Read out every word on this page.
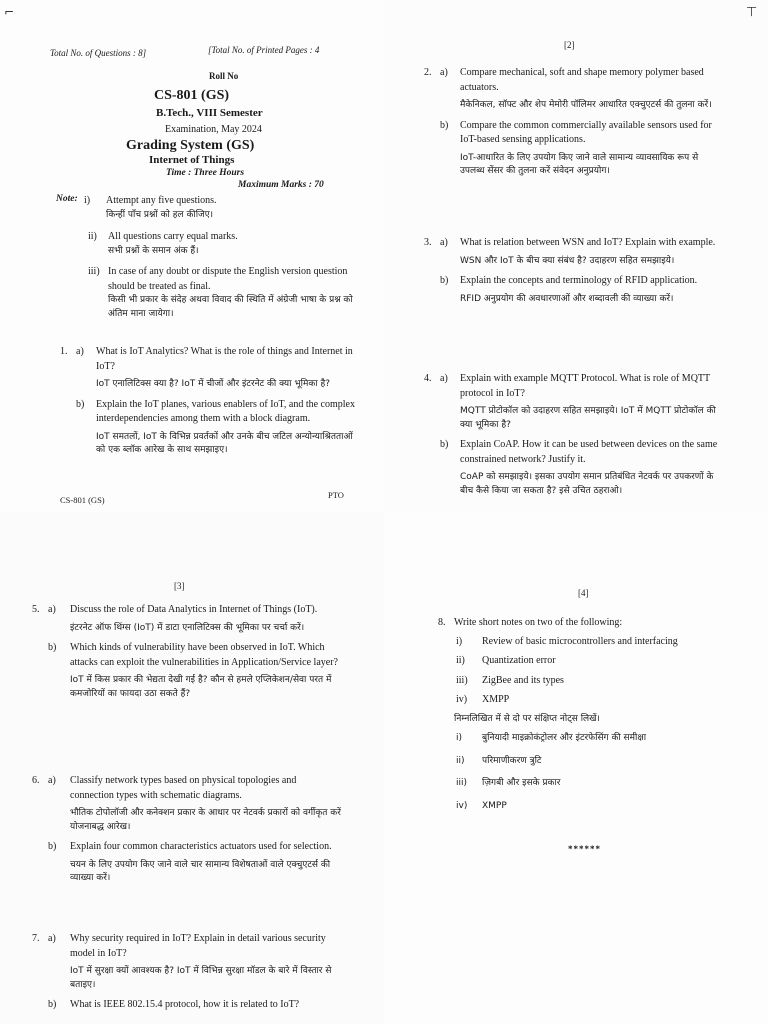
⌐
Total No. of Questions : 8]	[Total No. of Printed Pages : 4
Roll No
CS-801 (GS)
B.Tech., VIII Semester
Examination, May 2024
Grading System (GS)
Internet of Things
Time : Three Hours
Maximum Marks : 70
Note: i) Attempt any five questions.

किन्हीं पाँच प्रश्नों को हल कीजिए।

ii) All questions carry equal marks.

सभी प्रश्नों के समान अंक हैं।

iii) In case of any doubt or dispute the English version question should be treated as final.

किसी भी प्रकार के संदेह अथवा विवाद की स्थिति में अंग्रेजी भाषा के प्रश्न को अंतिम माना जायेगा।

1. a) What is IoT Analytics? What is the role of things and Internet in IoT?

IoT एनालिटिक्स क्या है? IoT में चीजों और इंटरनेट की क्या भूमिका है?

b) Explain the IoT planes, various enablers of IoT, and the complex interdependencies among them with a block diagram.

IoT समतलों, IoT के विभिन्न प्रवर्तकों और उनके बीच जटिल अन्योन्याश्रितताओं को एक ब्लॉक आरेख के साथ समझाइए।

CS-801 (GS)	PTO
⊤
[2]
2. a) Compare mechanical, soft and shape memory polymer based actuators.

मैकेनिकल, सॉफ्ट और शेप मेमोरी पॉलिमर आधारित एक्चुएटर्स की तुलना करें।

b) Compare the common commercially available sensors used for IoT-based sensing applications.

IoT-आधारित के लिए उपयोग किए जाने वाले सामान्य व्यावसायिक रूप से उपलब्ध सेंसर की तुलना करें संवेदन अनुप्रयोग।

3. a) What is relation between WSN and IoT? Explain with example.

WSN और IoT के बीच क्या संबंध है? उदाहरण सहित समझाइये।

b) Explain the concepts and terminology of RFID application.

RFID अनुप्रयोग की अवधारणाओं और शब्दावली की व्याख्या करें।

4. a) Explain with example MQTT Protocol. What is role of MQTT protocol in IoT?

MQTT प्रोटोकॉल को उदाहरण सहित समझाइये। IoT में MQTT प्रोटोकॉल की क्या भूमिका है?

b) Explain CoAP. How it can be used between devices on the same constrained network? Justify it.

CoAP को समझाइये। इसका उपयोग समान प्रतिबंधित नेटवर्क पर उपकरणों के बीच कैसे किया जा सकता है? इसे उचित ठहराओ।

[3]
5. a) Discuss the role of Data Analytics in Internet of Things (IoT).

इंटरनेट ऑफ थिंग्स (IoT) में डाटा एनालिटिक्स की भूमिका पर चर्चा करें।

b) Which kinds of vulnerability have been observed in IoT. Which attacks can exploit the vulnerabilities in Application/Service layer?

IoT में किस प्रकार की भेद्यता देखी गई है? कौन से हमले एप्लिकेशन/सेवा परत में कमजोरियों का फायदा उठा सकते हैं?

6. a) Classify network types based on physical topologies and connection types with schematic diagrams.

भौतिक टोपोलॉजी और कनेक्शन प्रकार के आधार पर नेटवर्क प्रकारों को वर्गीकृत करें योजनाबद्ध आरेख।

b) Explain four common characteristics actuators used for selection.

चयन के लिए उपयोग किए जाने वाले चार सामान्य विशेषताओं वाले एक्चुएटर्स की व्याख्या करें।

7. a) Why security required in IoT? Explain in detail various security model in IoT?

IoT में सुरक्षा क्यों आवश्यक है? IoT में विभिन्न सुरक्षा मॉडल के बारे में विस्तार से बताइए।

b) What is IEEE 802.15.4 protocol, how it is related to IoT?

[4]
8. Write short notes on two of the following:

i)	Review of basic microcontrollers and interfacing
ii)	Quantization error
iii)	ZigBee and its types
iv)	XMPP

निम्नलिखित में से दो पर संक्षिप्त नोट्स लिखें।

i)	बुनियादी माइक्रोकंट्रोलर और इंटरफेसिंग की समीक्षा
ii)	परिमाणीकरण त्रुटि
iii)	ज़िगबी और इसके प्रकार
iv)	XMPP
******
